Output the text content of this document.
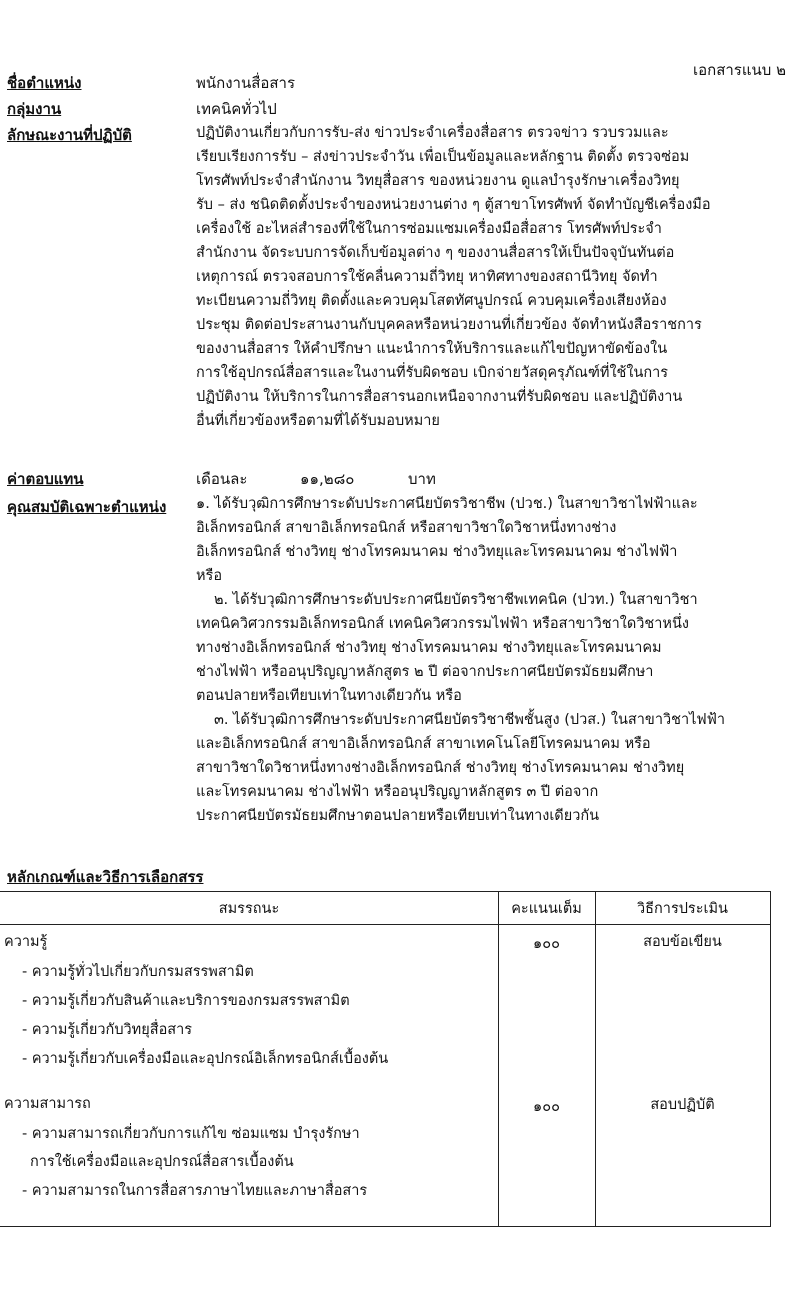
เอกสารแนบ ๒
ชื่อตำแหน่ง	พนักงานสื่อสาร
กลุ่มงาน	เทคนิคทั่วไป
ลักษณะงานที่ปฏิบัติ	ปฏิบัติงานเกี่ยวกับการรับ-ส่ง ข่าวประจำเครื่องสื่อสาร ตรวจข่าว รวบรวมและ
เรียบเรียงการรับ – ส่งข่าวประจำวัน เพื่อเป็นข้อมูลและหลักฐาน ติดตั้ง ตรวจซ่อม
โทรศัพท์ประจำสำนักงาน วิทยุสื่อสาร ของหน่วยงาน ดูแลบำรุงรักษาเครื่องวิทยุ
รับ – ส่ง ชนิดติดตั้งประจำของหน่วยงานต่าง ๆ ตู้สาขาโทรศัพท์ จัดทำบัญชีเครื่องมือ
เครื่องใช้ อะไหล่สำรองที่ใช้ในการซ่อมแซมเครื่องมือสื่อสาร โทรศัพท์ประจำ
สำนักงาน จัดระบบการจัดเก็บข้อมูลต่าง ๆ ของงานสื่อสารให้เป็นปัจจุบันทันต่อ
เหตุการณ์ ตรวจสอบการใช้คลื่นความถี่วิทยุ หาทิศทางของสถานีวิทยุ จัดทำ
ทะเบียนความถี่วิทยุ ติดตั้งและควบคุมโสตทัศนูปกรณ์ ควบคุมเครื่องเสียงห้อง
ประชุม ติดต่อประสานงานกับบุคคลหรือหน่วยงานที่เกี่ยวข้อง จัดทำหนังสือราชการ
ของงานสื่อสาร ให้คำปรึกษา แนะนำการให้บริการและแก้ไขปัญหาขัดข้องใน
การใช้อุปกรณ์สื่อสารและในงานที่รับผิดชอบ เบิกจ่ายวัสดุครุภัณฑ์ที่ใช้ในการ
ปฏิบัติงาน ให้บริการในการสื่อสารนอกเหนือจากงานที่รับผิดชอบ และปฏิบัติงาน
อื่นที่เกี่ยวข้องหรือตามที่ได้รับมอบหมาย
ค่าตอบแทน	เดือนละ	๑๑,๒๘๐	บาท
คุณสมบัติเฉพาะตำแหน่ง ๑. ได้รับวุฒิการศึกษาระดับประกาศนียบัตรวิชาชีพ (ปวช.) ในสาขาวิชาไฟฟ้าและ
อิเล็กทรอนิกส์ สาขาอิเล็กทรอนิกส์ หรือสาขาวิชาใดวิชาหนึ่งทางช่าง
อิเล็กทรอนิกส์ ช่างวิทยุ ช่างโทรคมนาคม ช่างวิทยุและโทรคมนาคม ช่างไฟฟ้า
หรือ
๒. ได้รับวุฒิการศึกษาระดับประกาศนียบัตรวิชาชีพเทคนิค (ปวท.) ในสาขาวิชา
เทคนิควิศวกรรมอิเล็กทรอนิกส์ เทคนิควิศวกรรมไฟฟ้า หรือสาขาวิชาใดวิชาหนึ่ง
ทางช่างอิเล็กทรอนิกส์ ช่างวิทยุ ช่างโทรคมนาคม ช่างวิทยุและโทรคมนาคม
ช่างไฟฟ้า หรืออนุปริญญาหลักสูตร ๒ ปี ต่อจากประกาศนียบัตรมัธยมศึกษา
ตอนปลายหรือเทียบเท่าในทางเดียวกัน หรือ
๓. ได้รับวุฒิการศึกษาระดับประกาศนียบัตรวิชาชีพชั้นสูง (ปวส.) ในสาขาวิชาไฟฟ้า
และอิเล็กทรอนิกส์ สาขาอิเล็กทรอนิกส์ สาขาเทคโนโลยีโทรคมนาคม หรือ
สาขาวิชาใดวิชาหนึ่งทางช่างอิเล็กทรอนิกส์ ช่างวิทยุ ช่างโทรคมนาคม ช่างวิทยุ
และโทรคมนาคม ช่างไฟฟ้า หรืออนุปริญญาหลักสูตร ๓ ปี ต่อจาก
ประกาศนียบัตรมัธยมศึกษาตอนปลายหรือเทียบเท่าในทางเดียวกัน
หลักเกณฑ์และวิธีการเลือกสรร
สมรรถนะ	คะแนนเต็ม	วิธีการประเมิน
ความรู้
- ความรู้ทั่วไปเกี่ยวกับกรมสรรพสามิต
- ความรู้เกี่ยวกับสินค้าและบริการของกรมสรรพสามิต
- ความรู้เกี่ยวกับวิทยุสื่อสาร
- ความรู้เกี่ยวกับเครื่องมือและอุปกรณ์อิเล็กทรอนิกส์เบื้องต้น
๑๐๐	สอบข้อเขียน
ความสามารถ
- ความสามารถเกี่ยวกับการแก้ไข ซ่อมแซม บำรุงรักษา
การใช้เครื่องมือและอุปกรณ์สื่อสารเบื้องต้น
- ความสามารถในการสื่อสารภาษาไทยและภาษาสื่อสาร
๑๐๐	สอบปฏิบัติ
